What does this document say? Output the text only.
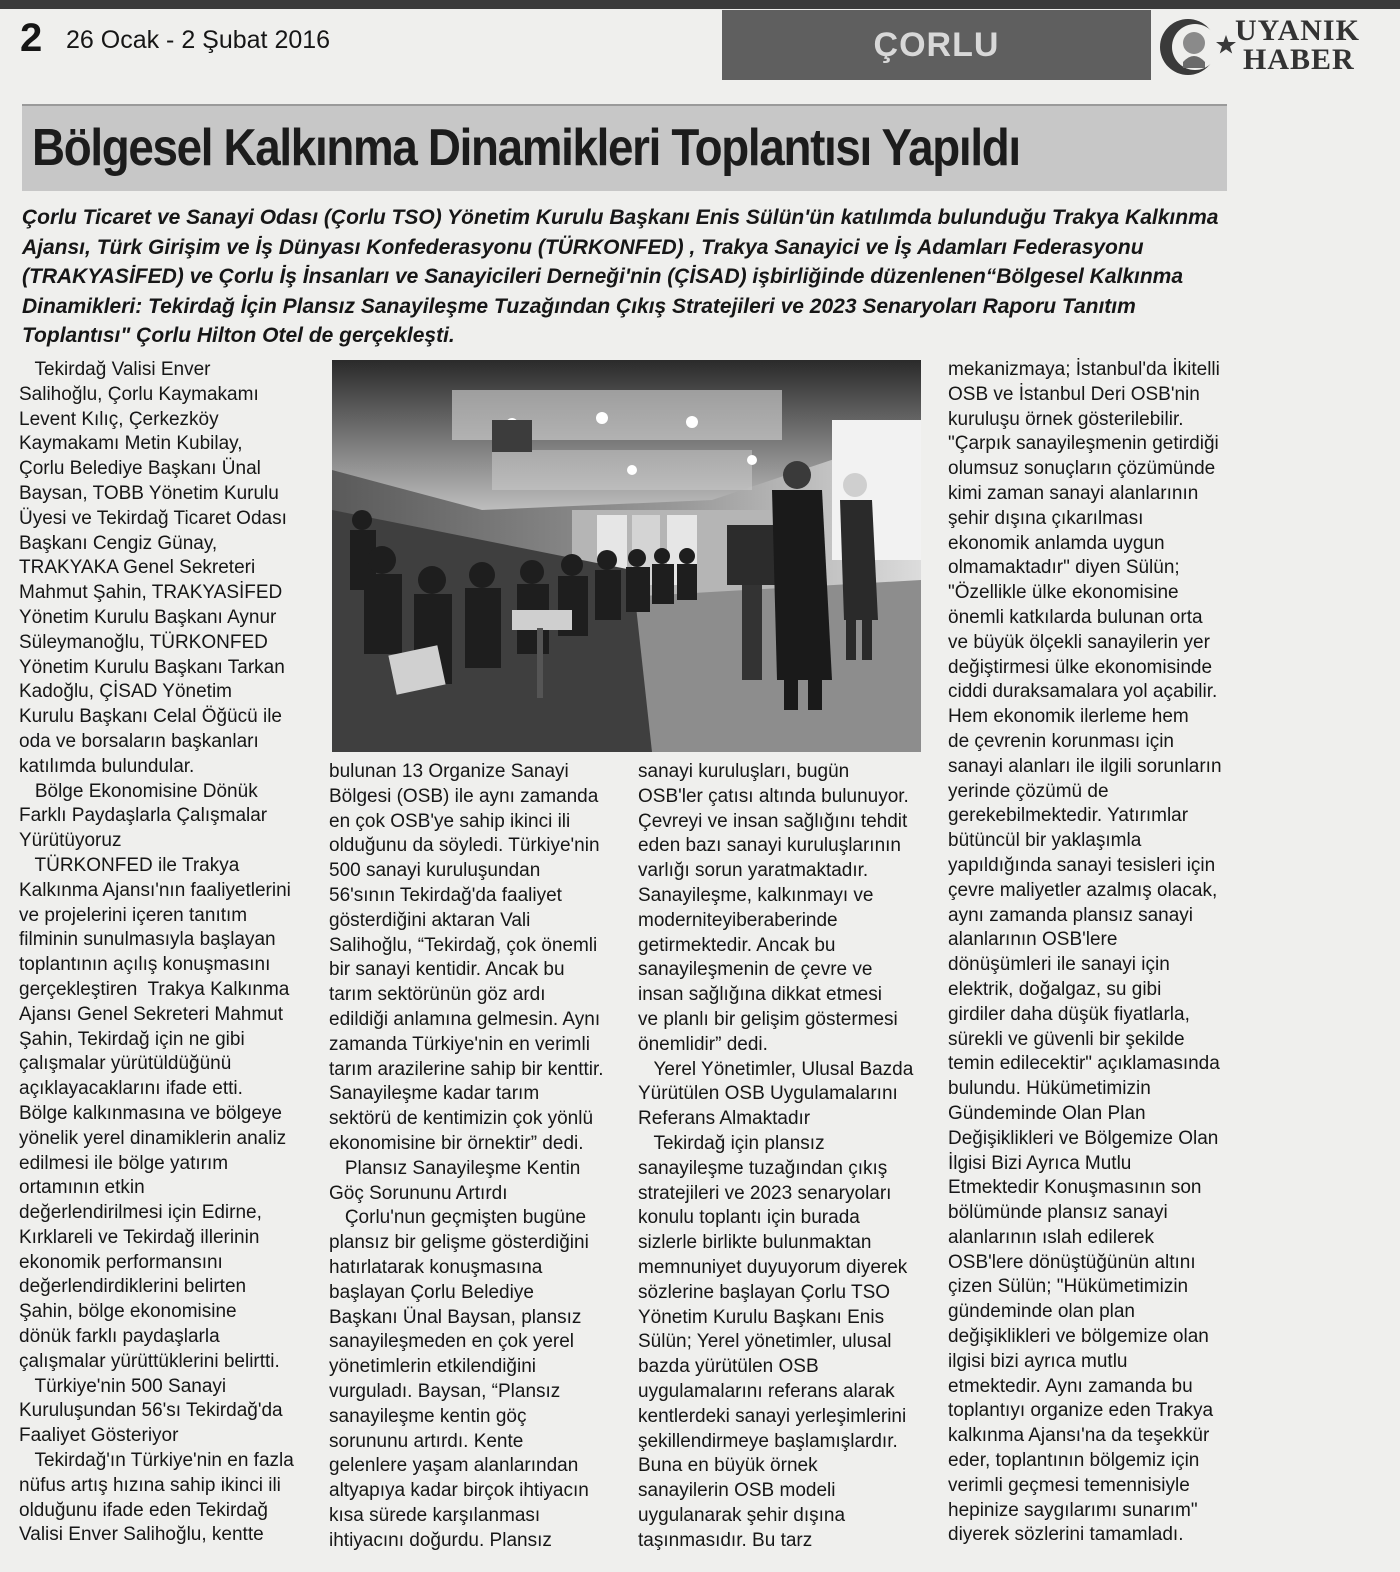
2 26 Ocak - 2 Şubat 2016	ÇORLU	UYANIK
HABER
Bölgesel Kalkınma Dinamikleri Toplantısı Yapıldı

Çorlu Ticaret ve Sanayi Odası (Çorlu TSO) Yönetim Kurulu Başkanı Enis Sülün'ün katılımda bulunduğu Trakya Kalkınma Ajansı, Türk Girişim ve İş Dünyası Konfederasyonu (TÜRKONFED) , Trakya Sanayici ve İş Adamları Federasyonu (TRAKYASİFED) ve Çorlu İş İnsanları ve Sanayicileri Derneği'nin (ÇİSAD) işbirliğinde düzenlenen“Bölgesel Kalkınma Dinamikleri: Tekirdağ İçin Plansız Sanayileşme Tuzağından Çıkış Stratejileri ve 2023 Senaryoları Raporu Tanıtım Toplantısı" Çorlu Hilton Otel de gerçekleşti.

Tekirdağ Valisi Enver
Salihoğlu, Çorlu Kaymakamı
Levent Kılıç, Çerkezköy
Kaymakamı Metin Kubilay,
Çorlu Belediye Başkanı Ünal
Baysan, TOBB Yönetim Kurulu
Üyesi ve Tekirdağ Ticaret Odası
Başkanı Cengiz Günay,
TRAKYAKA Genel Sekreteri
Mahmut Şahin, TRAKYASİFED
Yönetim Kurulu Başkanı Aynur
Süleymanoğlu, TÜRKONFED
Yönetim Kurulu Başkanı Tarkan
Kadoğlu, ÇİSAD Yönetim
Kurulu Başkanı Celal Öğücü ile
oda ve borsaların başkanları
katılımda bulundular.
Bölge Ekonomisine Dönük
Farklı Paydaşlarla Çalışmalar
Yürütüyoruz
TÜRKONFED ile Trakya
Kalkınma Ajansı'nın faaliyetlerini
ve projelerini içeren tanıtım
filminin sunulmasıyla başlayan
toplantının açılış konuşmasını
gerçekleştiren  Trakya Kalkınma
Ajansı Genel Sekreteri Mahmut
Şahin, Tekirdağ için ne gibi
çalışmalar yürütüldüğünü
açıklayacaklarını ifade etti.
Bölge kalkınmasına ve bölgeye
yönelik yerel dinamiklerin analiz
edilmesi ile bölge yatırım
ortamının etkin
değerlendirilmesi için Edirne,
Kırklareli ve Tekirdağ illerinin
ekonomik performansını
değerlendirdiklerini belirten
Şahin, bölge ekonomisine
dönük farklı paydaşlarla
çalışmalar yürüttüklerini belirtti.
Türkiye'nin 500 Sanayi
Kuruluşundan 56'sı Tekirdağ'da
Faaliyet Gösteriyor
Tekirdağ'ın Türkiye'nin en fazla
nüfus artış hızına sahip ikinci ili
olduğunu ifade eden Tekirdağ
Valisi Enver Salihoğlu, kentte
bulunan 13 Organize Sanayi
Bölgesi (OSB) ile aynı zamanda
en çok OSB'ye sahip ikinci ili
olduğunu da söyledi. Türkiye'nin
500 sanayi kuruluşundan
56'sının Tekirdağ'da faaliyet
gösterdiğini aktaran Vali
Salihoğlu, “Tekirdağ, çok önemli
bir sanayi kentidir. Ancak bu
tarım sektörünün göz ardı
edildiği anlamına gelmesin. Aynı
zamanda Türkiye'nin en verimli
tarım arazilerine sahip bir kenttir.
Sanayileşme kadar tarım
sektörü de kentimizin çok yönlü
ekonomisine bir örnektir” dedi.
Plansız Sanayileşme Kentin
Göç Sorununu Artırdı
Çorlu'nun geçmişten bugüne
plansız bir gelişme gösterdiğini
hatırlatarak konuşmasına
başlayan Çorlu Belediye
Başkanı Ünal Baysan, plansız
sanayileşmeden en çok yerel
yönetimlerin etkilendiğini
vurguladı. Baysan, “Plansız
sanayileşme kentin göç
sorununu artırdı. Kente
gelenlere yaşam alanlarından
altyapıya kadar birçok ihtiyacın
kısa sürede karşılanması
ihtiyacını doğurdu. Plansız
sanayi kuruluşları, bugün
OSB'ler çatısı altında bulunuyor.
Çevreyi ve insan sağlığını tehdit
eden bazı sanayi kuruluşlarının
varlığı sorun yaratmaktadır.
Sanayileşme, kalkınmayı ve
moderniteyiberaberinde
getirmektedir. Ancak bu
sanayileşmenin de çevre ve
insan sağlığına dikkat etmesi
ve planlı bir gelişim göstermesi
önemlidir” dedi.
Yerel Yönetimler, Ulusal Bazda
Yürütülen OSB Uygulamalarını
Referans Almaktadır
Tekirdağ için plansız
sanayileşme tuzağından çıkış
stratejileri ve 2023 senaryoları
konulu toplantı için burada
sizlerle birlikte bulunmaktan
memnuniyet duyuyorum diyerek
sözlerine başlayan Çorlu TSO
Yönetim Kurulu Başkanı Enis
Sülün; Yerel yönetimler, ulusal
bazda yürütülen OSB
uygulamalarını referans alarak
kentlerdeki sanayi yerleşimlerini
şekillendirmeye başlamışlardır.
Buna en büyük örnek
sanayilerin OSB modeli
uygulanarak şehir dışına
taşınmasıdır. Bu tarz
mekanizmaya; İstanbul'da İkitelli
OSB ve İstanbul Deri OSB'nin
kuruluşu örnek gösterilebilir.
"Çarpık sanayileşmenin getirdiği
olumsuz sonuçların çözümünde
kimi zaman sanayi alanlarının
şehir dışına çıkarılması
ekonomik anlamda uygun
olmamaktadır" diyen Sülün;
"Özellikle ülke ekonomisine
önemli katkılarda bulunan orta
ve büyük ölçekli sanayilerin yer
değiştirmesi ülke ekonomisinde
ciddi duraksamalara yol açabilir.
Hem ekonomik ilerleme hem
de çevrenin korunması için
sanayi alanları ile ilgili sorunların
yerinde çözümü de
gerekebilmektedir. Yatırımlar
bütüncül bir yaklaşımla
yapıldığında sanayi tesisleri için
çevre maliyetler azalmış olacak,
aynı zamanda plansız sanayi
alanlarının OSB'lere
dönüşümleri ile sanayi için
elektrik, doğalgaz, su gibi
girdiler daha düşük fiyatlarla,
sürekli ve güvenli bir şekilde
temin edilecektir" açıklamasında
bulundu. Hükümetimizin
Gündeminde Olan Plan
Değişiklikleri ve Bölgemize Olan
İlgisi Bizi Ayrıca Mutlu
Etmektedir Konuşmasının son
bölümünde plansız sanayi
alanlarının ıslah edilerek
OSB'lere dönüştüğünün altını
çizen Sülün; "Hükümetimizin
gündeminde olan plan
değişiklikleri ve bölgemize olan
ilgisi bizi ayrıca mutlu
etmektedir. Aynı zamanda bu
toplantıyı organize eden Trakya
kalkınma Ajansı'na da teşekkür
eder, toplantının bölgemiz için
verimli geçmesi temennisiyle
hepinize saygılarımı sunarım"
diyerek sözlerini tamamladı.
